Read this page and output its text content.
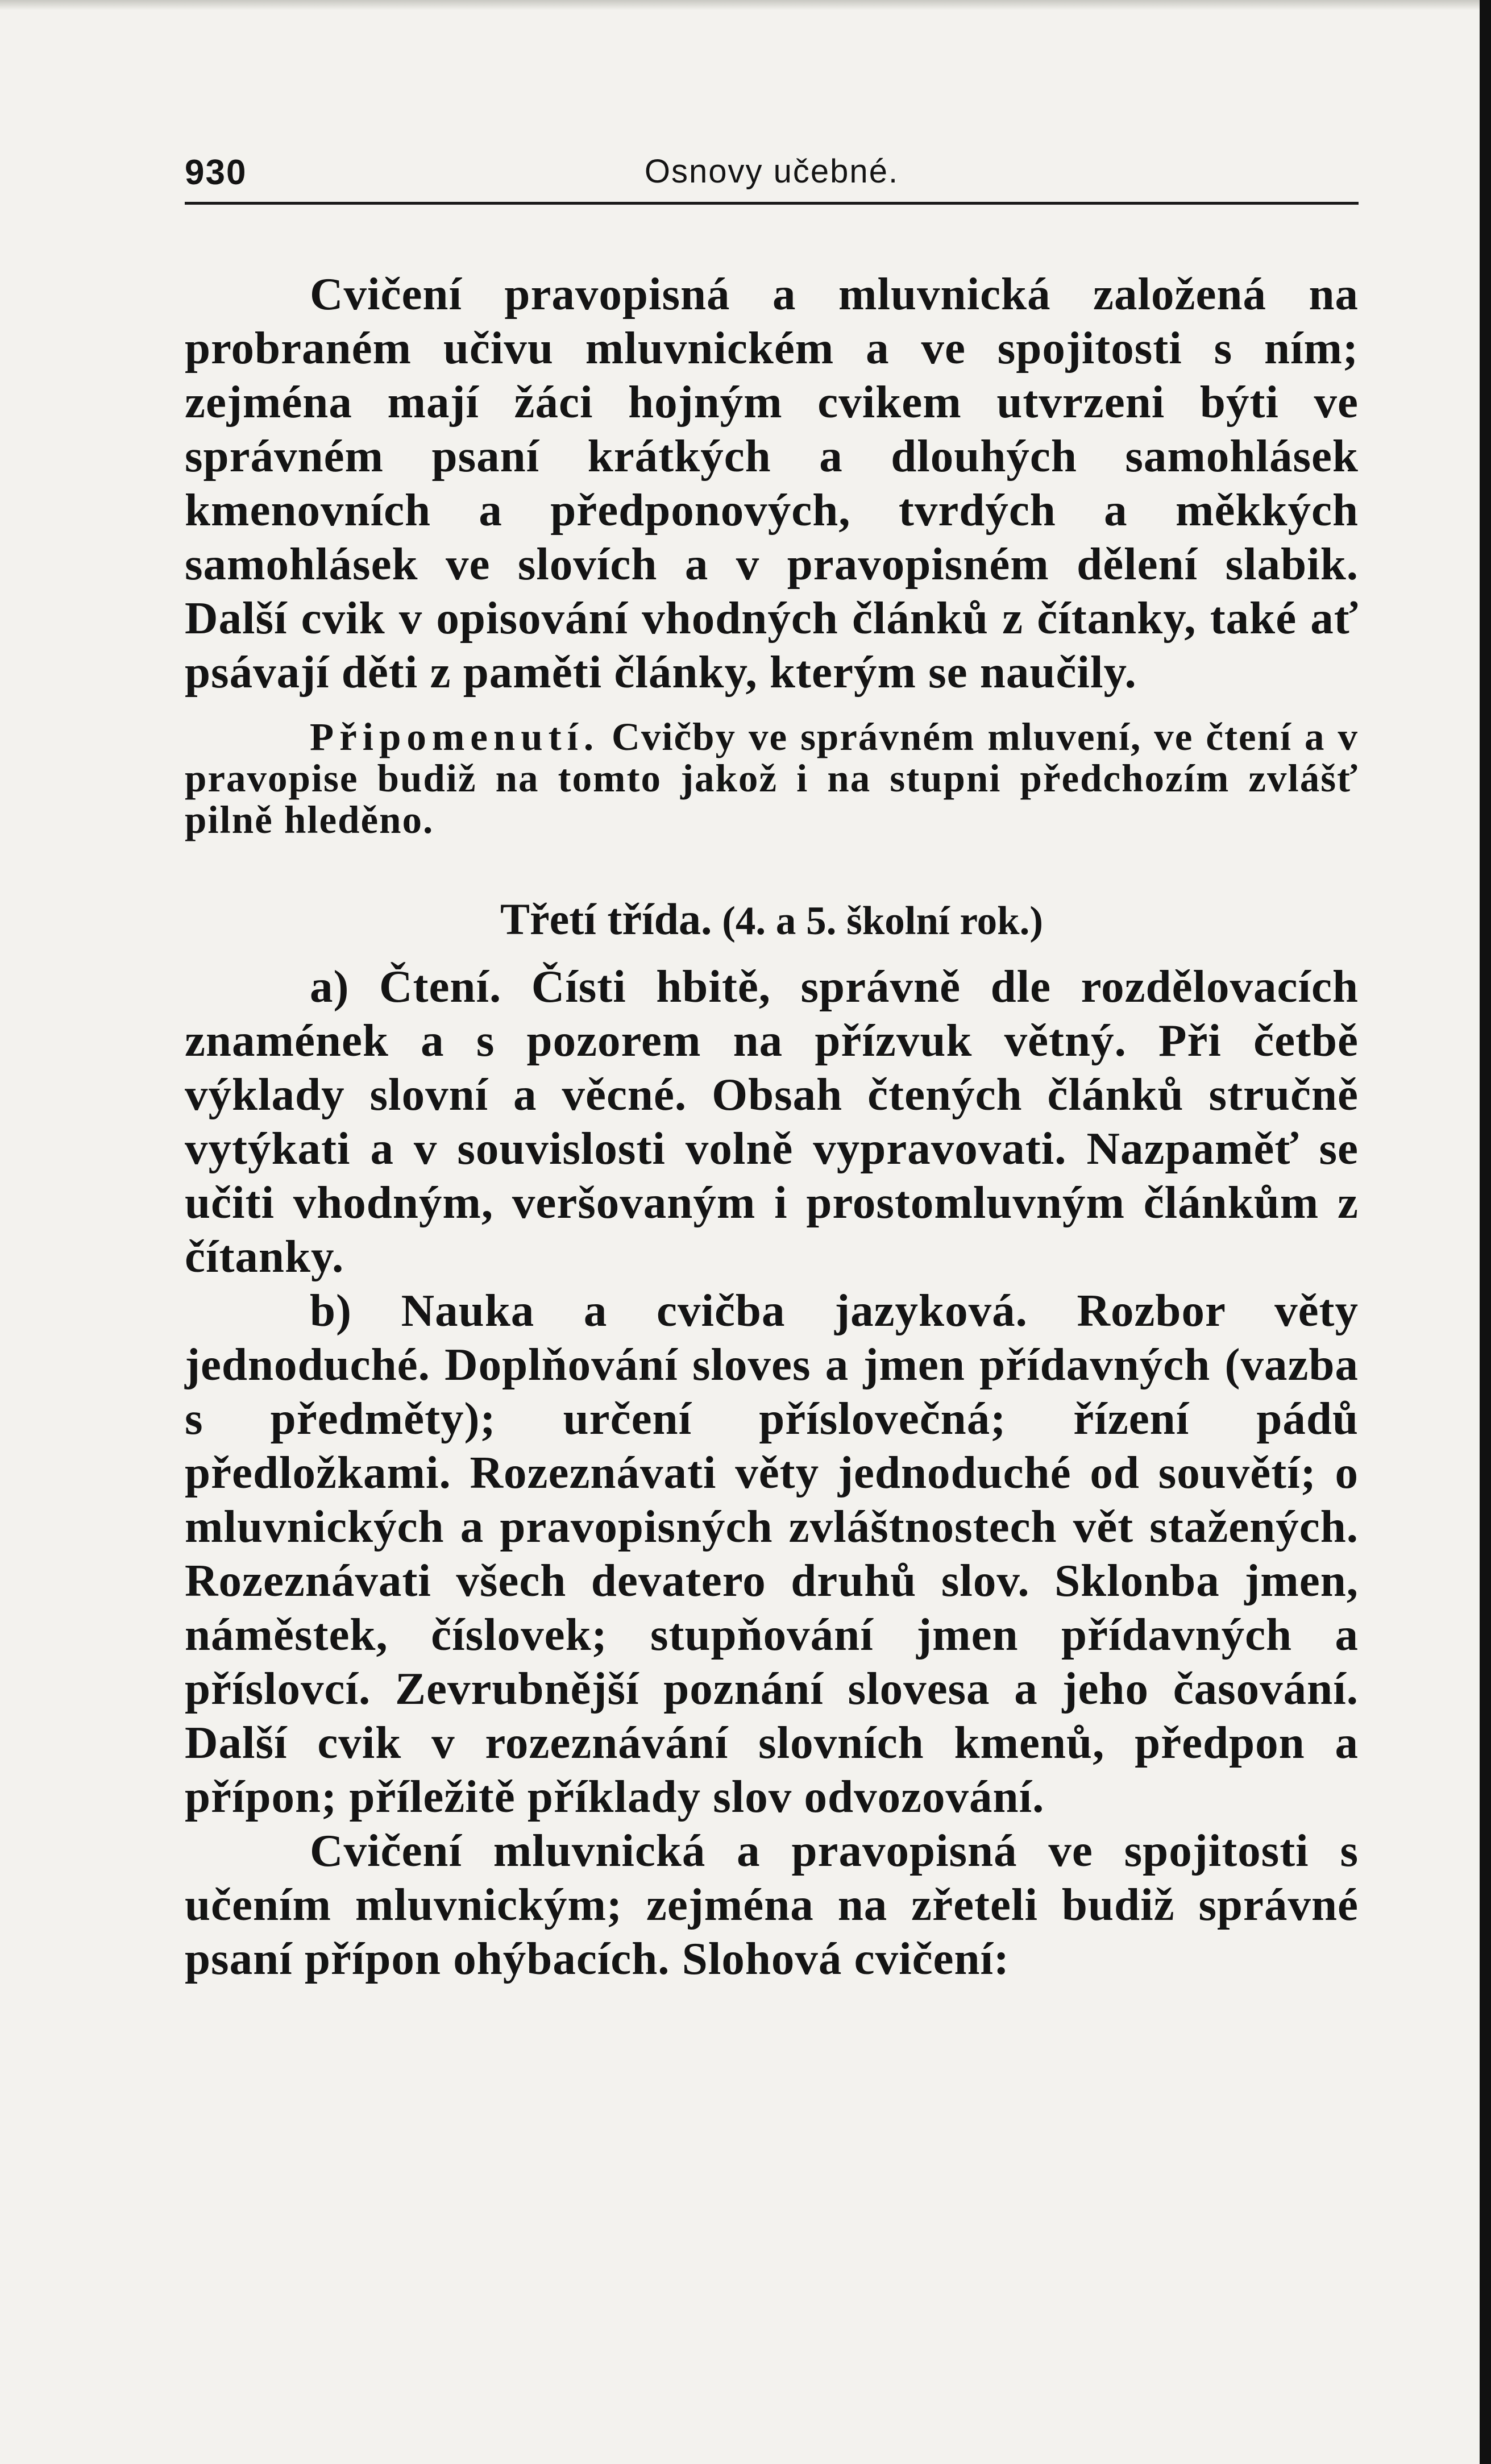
930	Osnovy učebné.

Cvičení pravopisná a mluvnická založená na probraném učivu mluvnickém a ve spojitosti s ním; zejména mají žáci hojným cvikem utvrzeni býti ve správném psaní krátkých a dlouhých samohlásek kmenovních a předponových, tvrdých a měkkých samohlásek ve slovích a v pravopisném dělení slabik. Další cvik v opisování vhodných článků z čítanky, také ať psávají děti z paměti články, kterým se naučily.

Připomenutí. Cvičby ve správném mluvení, ve čtení a v pravopise budiž na tomto jakož i na stupni předchozím zvlášť pilně hleděno.

Třetí třída. (4. a 5. školní rok.)

a) Čtení. Čísti hbitě, správně dle rozdělovacích znamének a s pozorem na přízvuk větný. Při četbě výklady slovní a věcné. Obsah čtených článků stručně vytýkati a v souvislosti volně vypravovati. Nazpaměť se učiti vhodným, veršovaným i prostomluvným článkům z čítanky.

b) Nauka a cvičba jazyková. Rozbor věty jednoduché. Doplňování sloves a jmen přídavných (vazba s předměty); určení příslovečná; řízení pádů předložkami. Rozeznávati věty jednoduché od souvětí; o mluvnických a pravopisných zvláštnostech vět stažených. Rozeznávati všech devatero druhů slov. Sklonba jmen, náměstek, číslovek; stupňování jmen přídavných a příslovcí. Zevrubnější poznání slovesa a jeho časování. Další cvik v rozeznávání slovních kmenů, předpon a přípon; příležitě příklady slov odvozování.

Cvičení mluvnická a pravopisná ve spojitosti s učením mluvnickým; zejména na zřeteli budiž správné psaní přípon ohýbacích. Slohová cvičení:
